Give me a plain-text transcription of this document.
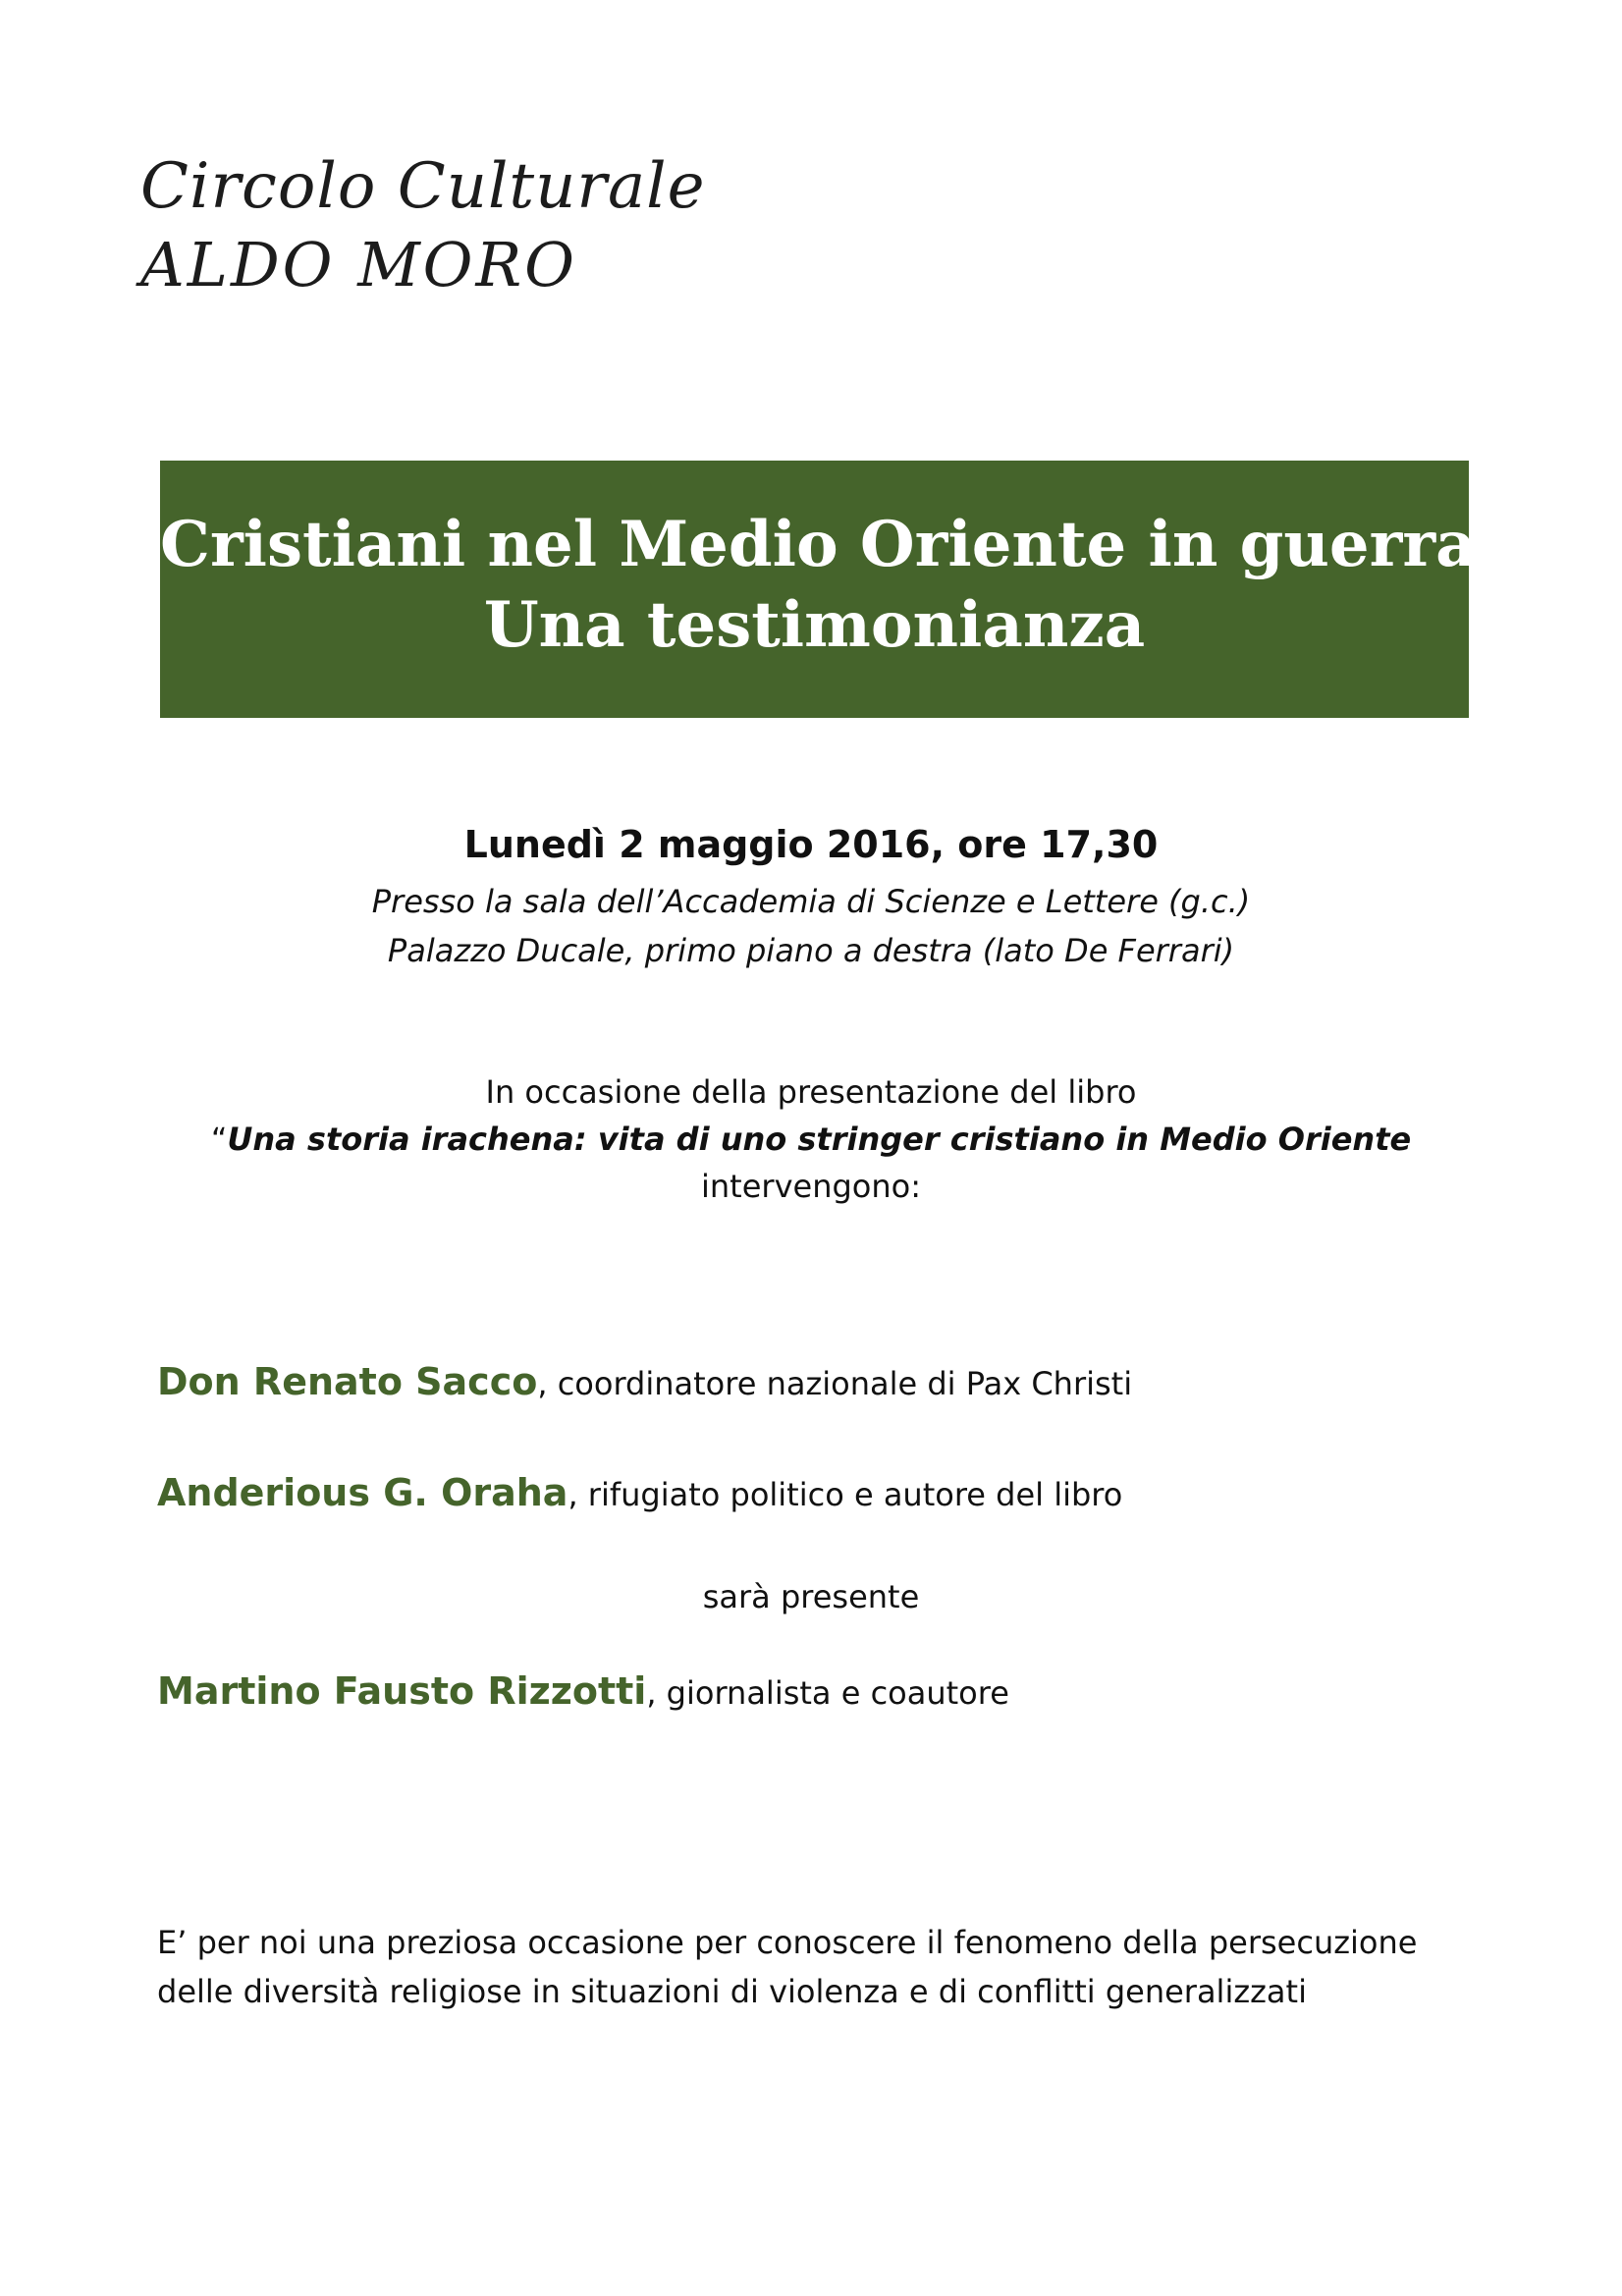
Circolo Culturale
ALDO MORO
Cristiani nel Medio Oriente in guerra
Una testimonianza
Lunedì 2 maggio 2016, ore 17,30
Presso la sala dell’Accademia di Scienze e Lettere (g.c.)
Palazzo Ducale, primo piano a destra (lato De Ferrari)
In occasione della presentazione del libro
“Una storia irachena: vita di uno stringer cristiano in Medio Oriente
intervengono:
Don Renato Sacco, coordinatore nazionale di Pax Christi
Anderious G. Oraha, rifugiato politico e autore del libro
sarà presente
Martino Fausto Rizzotti, giornalista e coautore
E’ per noi una preziosa occasione per conoscere il fenomeno della persecuzione
delle diversità religiose in situazioni di violenza e di conflitti generalizzati
